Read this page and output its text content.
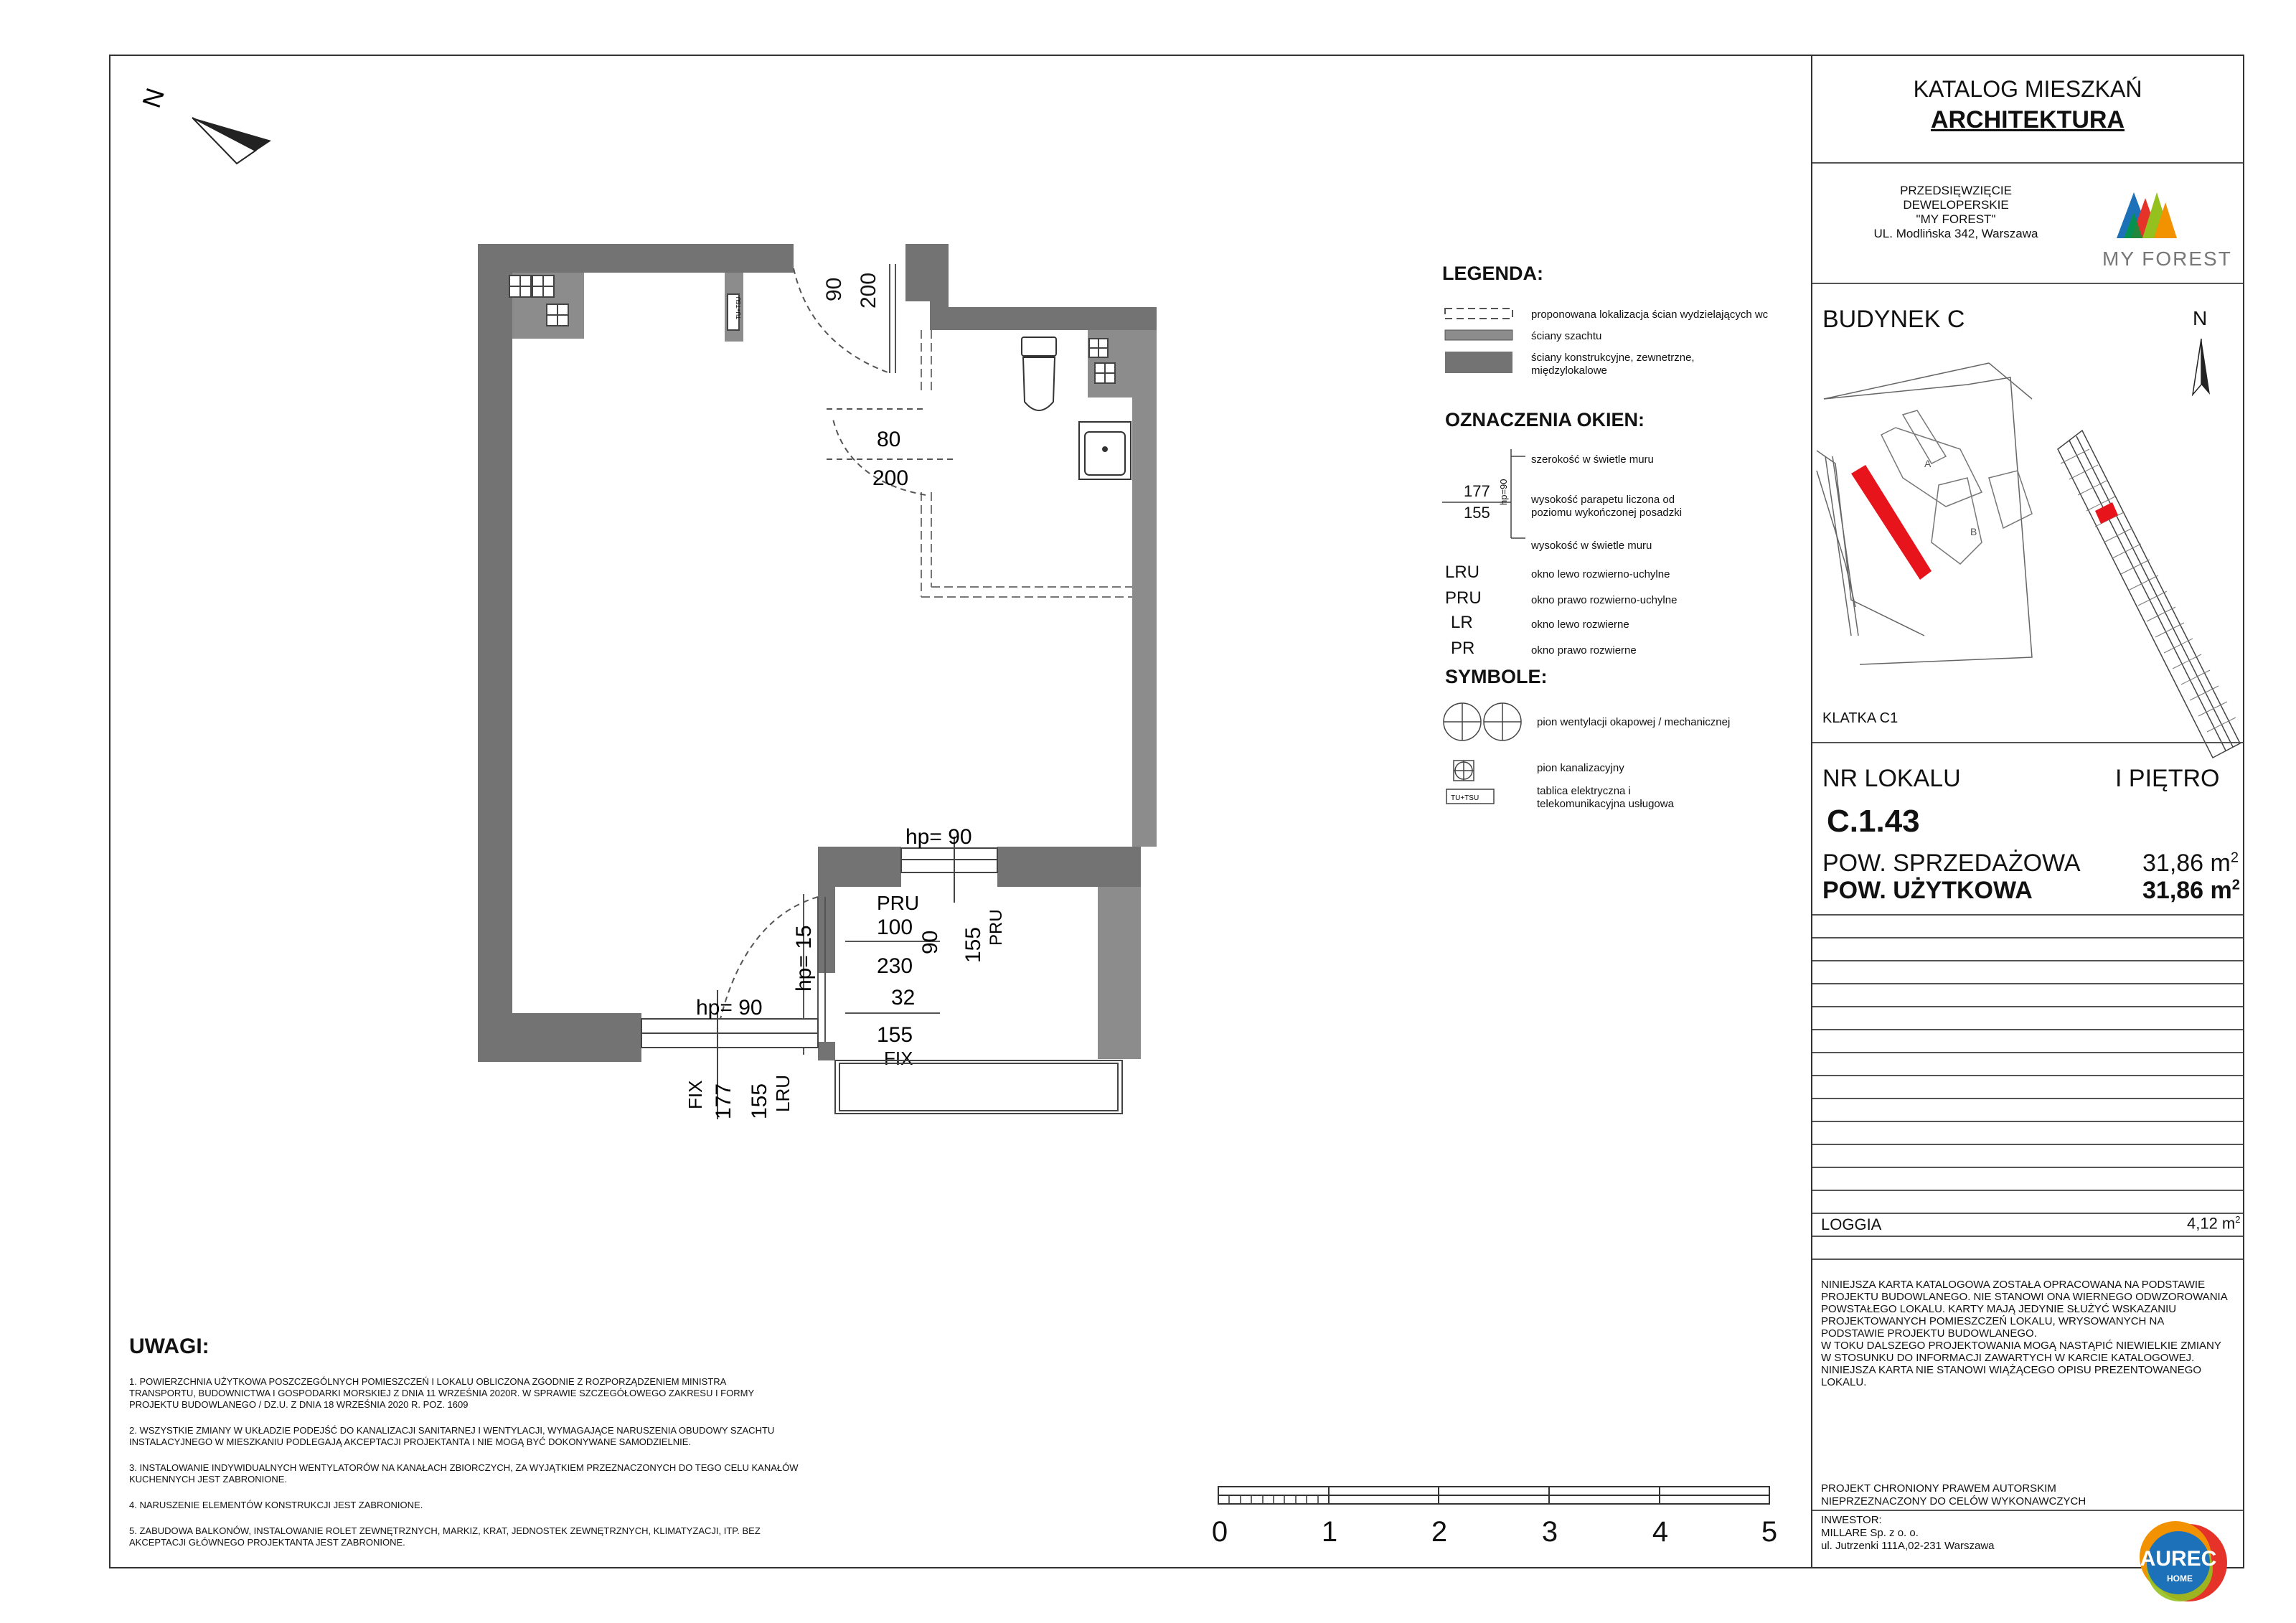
N
TU+TSU
90 200
80
200
hp= 90
155 PRU
PRU
100
90
hp= 15	230
32
155
FIX
hp= 90
155 LRU
177
FIX
0	1	2	3	4	5
LEGENDA:
proponowana lokalizacja ścian wydzielających wc
ściany szachtu
ściany konstrukcyjne, zewnetrzne,
międzylokalowe
OZNACZENIA OKIEN:
177
155
hp=90
szerokość w świetle muru
wysokość parapetu liczona od
poziomu wykończonej posadzki
wysokość w świetle muru
LRU	okno lewo rozwierno-uchylne
PRU	okno prawo rozwierno-uchylne
LR	okno lewo rozwierne
PR	okno prawo rozwierne
SYMBOLE:
TU+TSU
pion wentylacji okapowej / mechanicznej
pion kanalizacyjny
tablica elektryczna i
telekomunikacyjna usługowa
UWAGI:
1. POWIERZCHNIA UŻYTKOWA POSZCZEGÓLNYCH POMIESZCZEŃ I LOKALU OBLICZONA ZGODNIE Z ROZPORZĄDZENIEM MINISTRA
TRANSPORTU, BUDOWNICTWA I GOSPODARKI MORSKIEJ Z DNIA 11 WRZEŚNIA 2020R. W SPRAWIE SZCZEGÓŁOWEGO ZAKRESU I FORMY
PROJEKTU BUDOWLANEGO / DZ.U. Z DNIA 18 WRZEŚNIA 2020 R. POZ. 1609
2. WSZYSTKIE ZMIANY W UKŁADZIE PODEJŚĆ DO KANALIZACJI SANITARNEJ I WENTYLACJI, WYMAGAJĄCE NARUSZENIA OBUDOWY SZACHTU
INSTALACYJNEGO W MIESZKANIU PODLEGAJĄ AKCEPTACJI PROJEKTANTA I NIE MOGĄ BYĆ DOKONYWANE SAMODZIELNIE.
3. INSTALOWANIE INDYWIDUALNYCH WENTYLATORÓW NA KANAŁACH ZBIORCZYCH, ZA WYJĄTKIEM PRZEZNACZONYCH DO TEGO CELU KANAŁÓW
KUCHENNYCH JEST ZABRONIONE.
4. NARUSZENIE ELEMENTÓW KONSTRUKCJI JEST ZABRONIONE.
5. ZABUDOWA BALKONÓW, INSTALOWANIE ROLET ZEWNĘTRZNYCH, MARKIZ, KRAT, JEDNOSTEK ZEWNĘTRZNYCH, KLIMATYZACJI, ITP. BEZ
AKCEPTACJI GŁÓWNEGO PROJEKTANTA JEST ZABRONIONE.
KATALOG MIESZKAŃ
ARCHITEKTURA
PRZEDSIĘWZIĘCIE
DEWELOPERSKIE
"MY FOREST"
UL. Modlińska 342, Warszawa
MY FOREST
BUDYNEK C	N
A
B
KLATKA C1
NR LOKALU	I PIĘTRO
C.1.43
POW. SPRZEDAŻOWA	31,86 $m^2$
POW. UŻYTKOWA	31,86 $m^2$
LOGGIA	4,12 $m^2$
NINIEJSZA KARTA KATALOGOWA ZOSTAŁA OPRACOWANA NA PODSTAWIE
PROJEKTU BUDOWLANEGO. NIE STANOWI ONA WIERNEGO ODWZOROWANIA
POWSTAŁEGO LOKALU. KARTY MAJĄ JEDYNIE SŁUŻYĆ WSKAZANIU
PROJEKTOWANYCH POMIESZCZEŃ LOKALU, WRYSOWANYCH NA
PODSTAWIE PROJEKTU BUDOWLANEGO.
W TOKU DALSZEGO PROJEKTOWANIA MOGĄ NASTĄPIĆ NIEWIELKIE ZMIANY
W STOSUNKU DO INFORMACJI ZAWARTYCH W KARCIE KATALOGOWEJ.
NINIEJSZA KARTA NIE STANOWI WIĄŻĄCEGO OPISU PREZENTOWANEGO
LOKALU.
PROJEKT CHRONIONY PRAWEM AUTORSKIM
NIEPRZEZNACZONY DO CELÓW WYKONAWCZYCH
INWESTOR:
MILLARE Sp. z o. o.
ul. Jutrzenki 111A,02-231 Warszawa
AUREC
HOME
